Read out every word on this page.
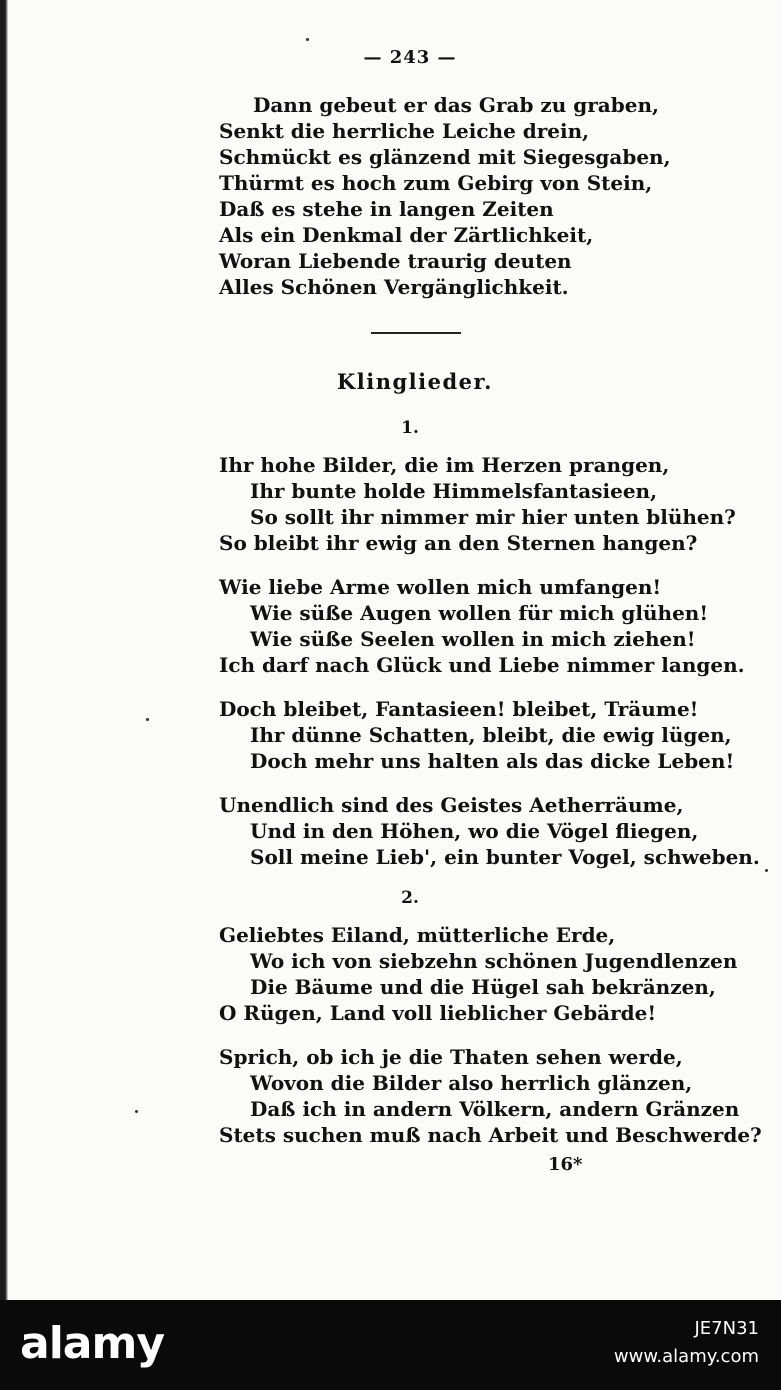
— 243 —
Dann gebeut er das Grab zu graben,
Senkt die herrliche Leiche drein,
Schmückt es glänzend mit Siegesgaben,
Thürmt es hoch zum Gebirg von Stein,
Daß es stehe in langen Zeiten
Als ein Denkmal der Zärtlichkeit,
Woran Liebende traurig deuten
Alles Schönen Vergänglichkeit.
Klinglieder.
1.
Ihr hohe Bilder, die im Herzen prangen,
Ihr bunte holde Himmelsfantasieen,
So sollt ihr nimmer mir hier unten blühen?
So bleibt ihr ewig an den Sternen hangen?
Wie liebe Arme wollen mich umfangen!
Wie süße Augen wollen für mich glühen!
Wie süße Seelen wollen in mich ziehen!
Ich darf nach Glück und Liebe nimmer langen.
Doch bleibet, Fantasieen! bleibet, Träume!
Ihr dünne Schatten, bleibt, die ewig lügen,
Doch mehr uns halten als das dicke Leben!
Unendlich sind des Geistes Aetherräume,
Und in den Höhen, wo die Vögel fliegen,
Soll meine Lieb', ein bunter Vogel, schweben.
2.
Geliebtes Eiland, mütterliche Erde,
Wo ich von siebzehn schönen Jugendlenzen
Die Bäume und die Hügel sah bekränzen,
O Rügen, Land voll lieblicher Gebärde!
Sprich, ob ich je die Thaten sehen werde,
Wovon die Bilder also herrlich glänzen,
Daß ich in andern Völkern, andern Gränzen
Stets suchen muß nach Arbeit und Beschwerde?
16*
alamy	JE7N31
www.alamy.com
